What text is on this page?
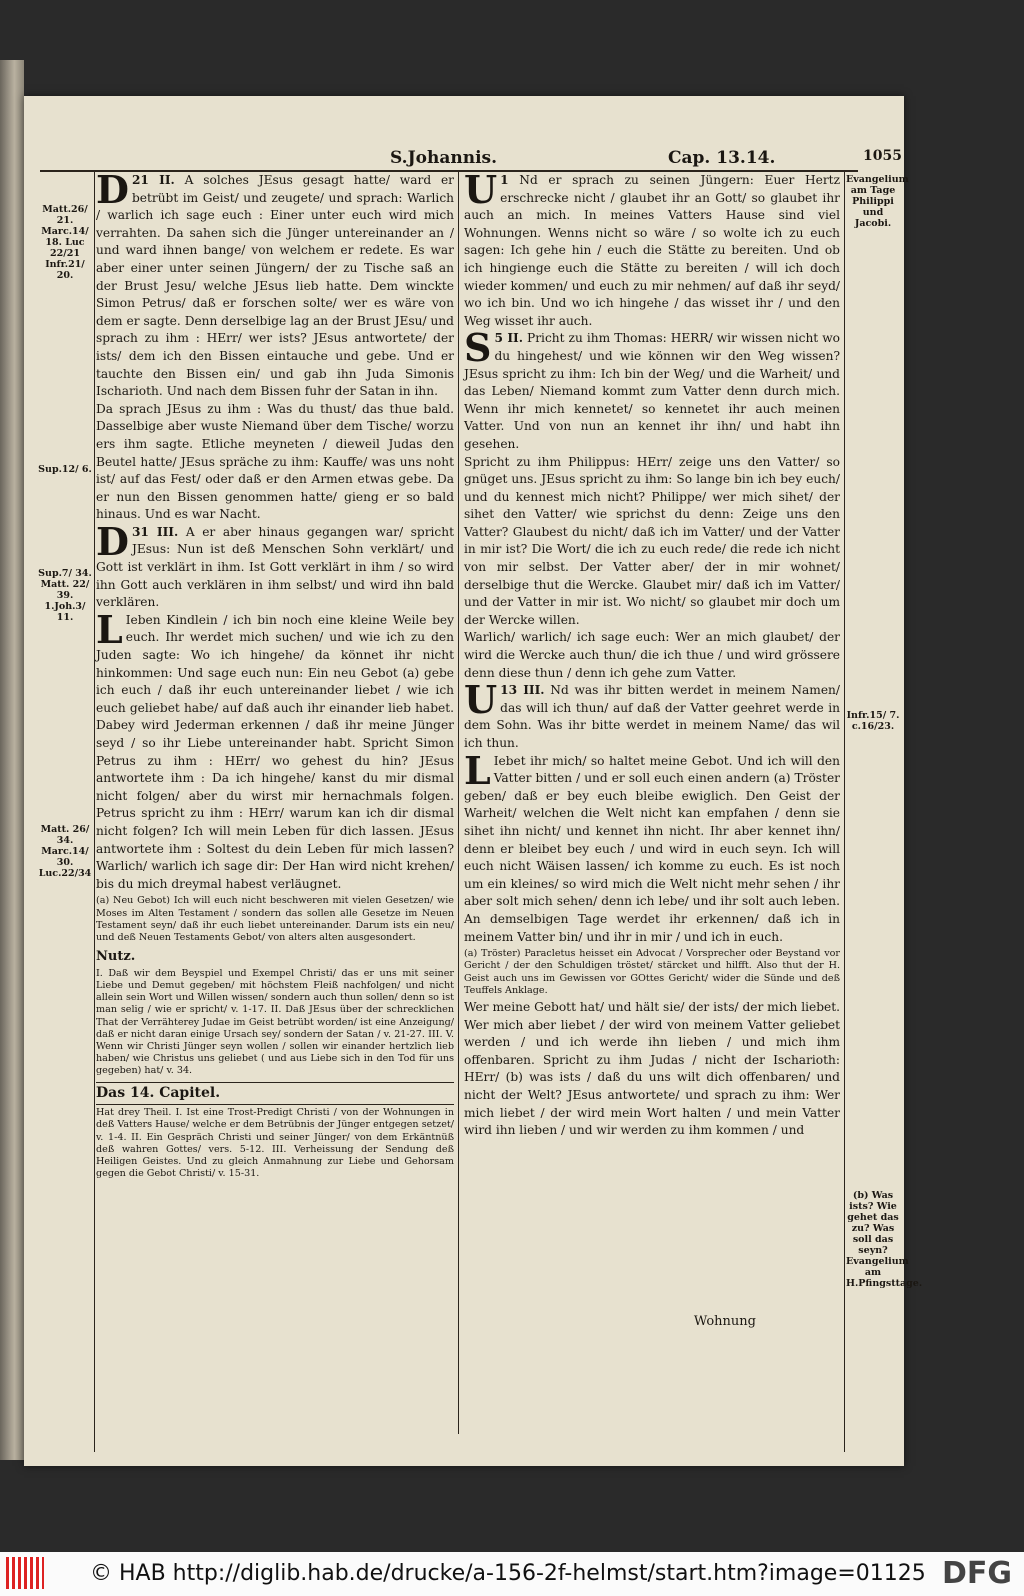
S.Johannis.	Cap. 13.14.	1055
Matt.26/ 21. Marc.14/ 18. Luc 22/21 Infr.21/ 20.
Sup.12/ 6.
Sup.7/ 34. Matt. 22/ 39. 1.Joh.3/ 11.
Matt. 26/ 34. Marc.14/ 30. Luc.22/34
Evangelium am Tage Philippi und Jacobi.
Infr.15/ 7. c.16/23.
(b) Was ists? Wie gehet das zu? Was soll das seyn? Evangelium am H.Pfingsttage.

21 II.
D	A solches JEsus gesagt hatte/ ward er betrübt im Geist/ und zeugete/ und sprach: Warlich / warlich ich sage euch : Einer unter euch wird mich verrahten. Da sahen sich die Jünger untereinander an / und ward ihnen bange/ von welchem er redete. Es war aber einer unter seinen Jüngern/ der zu Tische saß an der Brust Jesu/ welche JEsus lieb hatte. Dem winckte Simon Petrus/ daß er forschen solte/ wer es wäre von dem er sagte. Denn derselbige lag an der Brust JEsu/ und sprach zu ihm : HErr/ wer ists? JEsus antwortete/ der ists/ dem ich den Bissen eintauche und gebe. Und er tauchte den Bissen ein/ und gab ihn Juda Simonis Ischarioth. Und nach dem Bissen fuhr der Satan in ihn.

Da sprach JEsus zu ihm : Was du thust/ das thue bald. Dasselbige aber wuste Niemand über dem Tische/ worzu ers ihm sagte. Etliche meyneten / dieweil Judas den Beutel hatte/ JEsus spräche zu ihm: Kauffe/ was uns noht ist/ auf das Fest/ oder daß er den Armen etwas gebe. Da er nun den Bissen genommen hatte/ gieng er so bald hinaus. Und es war Nacht.

31 III.
D	A er aber hinaus gegangen war/ spricht JEsus: Nun ist deß Menschen Sohn verklärt/ und Gott ist verklärt in ihm. Ist Gott verklärt in ihm / so wird ihn Gott auch verklären in ihm selbst/ und wird ihn bald verklären.

L Ieben Kindlein / ich bin noch eine kleine Weile bey euch. Ihr werdet mich suchen/ und wie ich zu den Juden sagte: Wo ich hingehe/ da könnet ihr nicht hinkommen: Und sage euch nun: Ein neu Gebot (a) gebe ich euch / daß ihr euch untereinander liebet / wie ich euch geliebet habe/ auf daß auch ihr einander lieb habet. Dabey wird Jederman erkennen / daß ihr meine Jünger seyd / so ihr Liebe untereinander habt. Spricht Simon Petrus zu ihm : HErr/ wo gehest du hin? JEsus antwortete ihm : Da ich hingehe/ kanst du mir dismal nicht folgen/ aber du wirst mir hernachmals folgen. Petrus spricht zu ihm : HErr/ warum kan ich dir dismal nicht folgen? Ich will mein Leben für dich lassen. JEsus antwortete ihm : Soltest du dein Leben für mich lassen? Warlich/ warlich ich sage dir: Der Han wird nicht krehen/ bis du mich dreymal habest verläugnet.

(a) Neu Gebot) Ich will euch nicht beschweren mit vielen Gesetzen/ wie Moses im Alten Testament / sondern das sollen alle Gesetze im Neuen Testament seyn/ daß ihr euch liebet untereinander. Darum ists ein neu/ und deß Neuen Testaments Gebot/ von alters alten ausgesondert.

Nutz.

I. Daß wir dem Beyspiel und Exempel Christi/ das er uns mit seiner Liebe und Demut gegeben/ mit höchstem Fleiß nachfolgen/ und nicht allein sein Wort und Willen wissen/ sondern auch thun sollen/ denn so ist man selig / wie er spricht/ v. 1-17. II. Daß JEsus über der schrecklichen That der Verrähterey Judae im Geist betrübt worden/ ist eine Anzeigung/ daß er nicht daran einige Ursach sey/ sondern der Satan / v. 21-27. III. V. Wenn wir Christi Jünger seyn wollen / sollen wir einander hertzlich lieb haben/ wie Christus uns geliebet ( und aus Liebe sich in den Tod für uns gegeben) hat/ v. 34.

Das 14. Capitel.

Hat drey Theil. I. Ist eine Trost-Predigt Christi / von der Wohnungen in deß Vatters Hause/ welche er dem Betrübnis der Jünger entgegen setzet/ v. 1-4. II. Ein Gespräch Christi und seiner Jünger/ von dem Erkäntnüß deß wahren Gottes/ vers. 5-12. III. Verheissung der Sendung deß Heiligen Geistes. Und zu gleich Anmahnung zur Liebe und Gehorsam gegen die Gebot Christi/ v. 15-31.

1
U Nd er sprach zu seinen Jüngern: Euer Hertz erschrecke nicht / glaubet ihr an Gott/ so glaubet ihr auch an mich. In meines Vatters Hause sind viel Wohnungen. Wenns nicht so wäre / so wolte ich zu euch sagen: Ich gehe hin / euch die Stätte zu bereiten. Und ob ich hingienge euch die Stätte zu bereiten / will ich doch wieder kommen/ und euch zu mir nehmen/ auf daß ihr seyd/ wo ich bin. Und wo ich hingehe / das wisset ihr / und den Weg wisset ihr auch.

5 II.
S	Pricht zu ihm Thomas: HERR/ wir wissen nicht wo du hingehest/ und wie können wir den Weg wissen? JEsus spricht zu ihm: Ich bin der Weg/ und die Warheit/ und das Leben/ Niemand kommt zum Vatter denn durch mich. Wenn ihr mich kennetet/ so kennetet ihr auch meinen Vatter. Und von nun an kennet ihr ihn/ und habt ihn gesehen.

Spricht zu ihm Philippus: HErr/ zeige uns den Vatter/ so gnüget uns. JEsus spricht zu ihm: So lange bin ich bey euch/ und du kennest mich nicht? Philippe/ wer mich sihet/ der sihet den Vatter/ wie sprichst du denn: Zeige uns den Vatter? Glaubest du nicht/ daß ich im Vatter/ und der Vatter in mir ist? Die Wort/ die ich zu euch rede/ die rede ich nicht von mir selbst. Der Vatter aber/ der in mir wohnet/ derselbige thut die Wercke. Glaubet mir/ daß ich im Vatter/ und der Vatter in mir ist. Wo nicht/ so glaubet mir doch um der Wercke willen.

Warlich/ warlich/ ich sage euch: Wer an mich glaubet/ der wird die Wercke auch thun/ die ich thue / und wird grössere denn diese thun / denn ich gehe zum Vatter.

13 III.
U	Nd was ihr bitten werdet in meinem Namen/ das will ich thun/ auf daß der Vatter geehret werde in dem Sohn. Was ihr bitte werdet in meinem Name/ das wil ich thun.

L Iebet ihr mich/ so haltet meine Gebot. Und ich will den Vatter bitten / und er soll euch einen andern (a) Tröster geben/ daß er bey euch bleibe ewiglich. Den Geist der Warheit/ welchen die Welt nicht kan empfahen / denn sie sihet ihn nicht/ und kennet ihn nicht. Ihr aber kennet ihn/ denn er bleibet bey euch / und wird in euch seyn. Ich will euch nicht Wäisen lassen/ ich komme zu euch. Es ist noch um ein kleines/ so wird mich die Welt nicht mehr sehen / ihr aber solt mich sehen/ denn ich lebe/ und ihr solt auch leben. An demselbigen Tage werdet ihr erkennen/ daß ich in meinem Vatter bin/ und ihr in mir / und ich in euch.

(a) Tröster) Paracletus heisset ein Advocat / Vorsprecher oder Beystand vor Gericht / der den Schuldigen tröstet/ stärcket und hilfft. Also thut der H. Geist auch uns im Gewissen vor GOttes Gericht/ wider die Sünde und deß Teuffels Anklage.

Wer meine Gebott hat/ und hält sie/ der ists/ der mich liebet. Wer mich aber liebet / der wird von meinem Vatter geliebet werden / und ich werde ihn lieben / und mich ihm offenbaren. Spricht zu ihm Judas / nicht der Ischarioth: HErr/ (b) was ists / daß du uns wilt dich offenbaren/ und nicht der Welt? JEsus antwortete/ und sprach zu ihm: Wer mich liebet / der wird mein Wort halten / und mein Vatter wird ihn lieben / und wir werden zu ihm kommen / und

Wohnung
© HAB http://diglib.hab.de/drucke/a-156-2f-helmst/start.htm?image=01125 DFG
